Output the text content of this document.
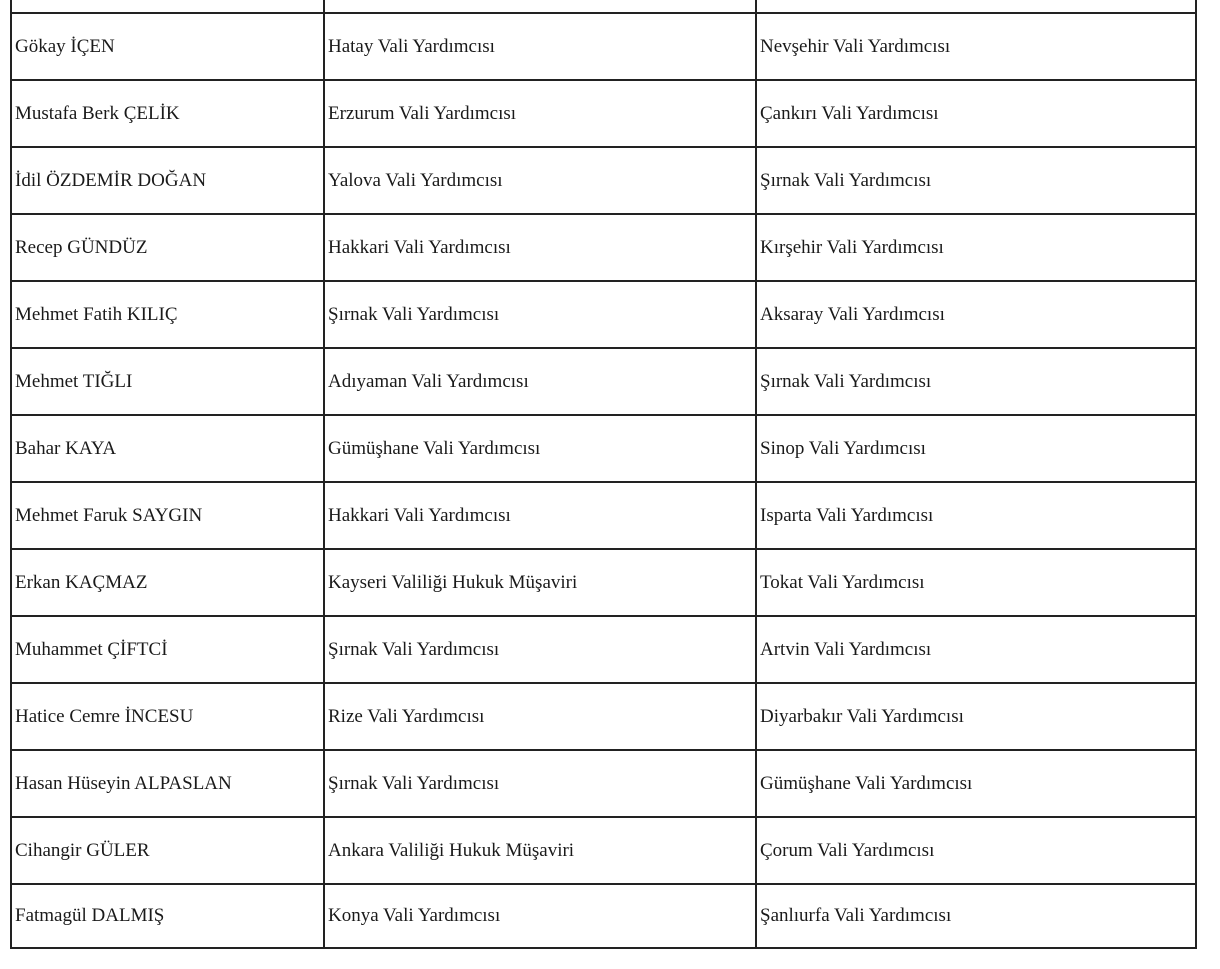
Gökay İÇEN	Hatay Vali Yardımcısı	Nevşehir Vali Yardımcısı
Mustafa Berk ÇELİK	Erzurum Vali Yardımcısı	Çankırı Vali Yardımcısı
İdil ÖZDEMİR DOĞAN	Yalova Vali Yardımcısı	Şırnak Vali Yardımcısı
Recep GÜNDÜZ	Hakkari Vali Yardımcısı	Kırşehir Vali Yardımcısı
Mehmet Fatih KILIÇ	Şırnak Vali Yardımcısı	Aksaray Vali Yardımcısı
Mehmet TIĞLI	Adıyaman Vali Yardımcısı	Şırnak Vali Yardımcısı
Bahar KAYA	Gümüşhane Vali Yardımcısı	Sinop Vali Yardımcısı
Mehmet Faruk SAYGIN	Hakkari Vali Yardımcısı	Isparta Vali Yardımcısı
Erkan KAÇMAZ	Kayseri Valiliği Hukuk Müşaviri	Tokat Vali Yardımcısı
Muhammet ÇİFTCİ	Şırnak Vali Yardımcısı	Artvin Vali Yardımcısı
Hatice Cemre İNCESU	Rize Vali Yardımcısı	Diyarbakır Vali Yardımcısı
Hasan Hüseyin ALPASLAN	Şırnak Vali Yardımcısı	Gümüşhane Vali Yardımcısı
Cihangir GÜLER	Ankara Valiliği Hukuk Müşaviri	Çorum Vali Yardımcısı
Fatmagül DALMIŞ	Konya Vali Yardımcısı	Şanlıurfa Vali Yardımcısı
